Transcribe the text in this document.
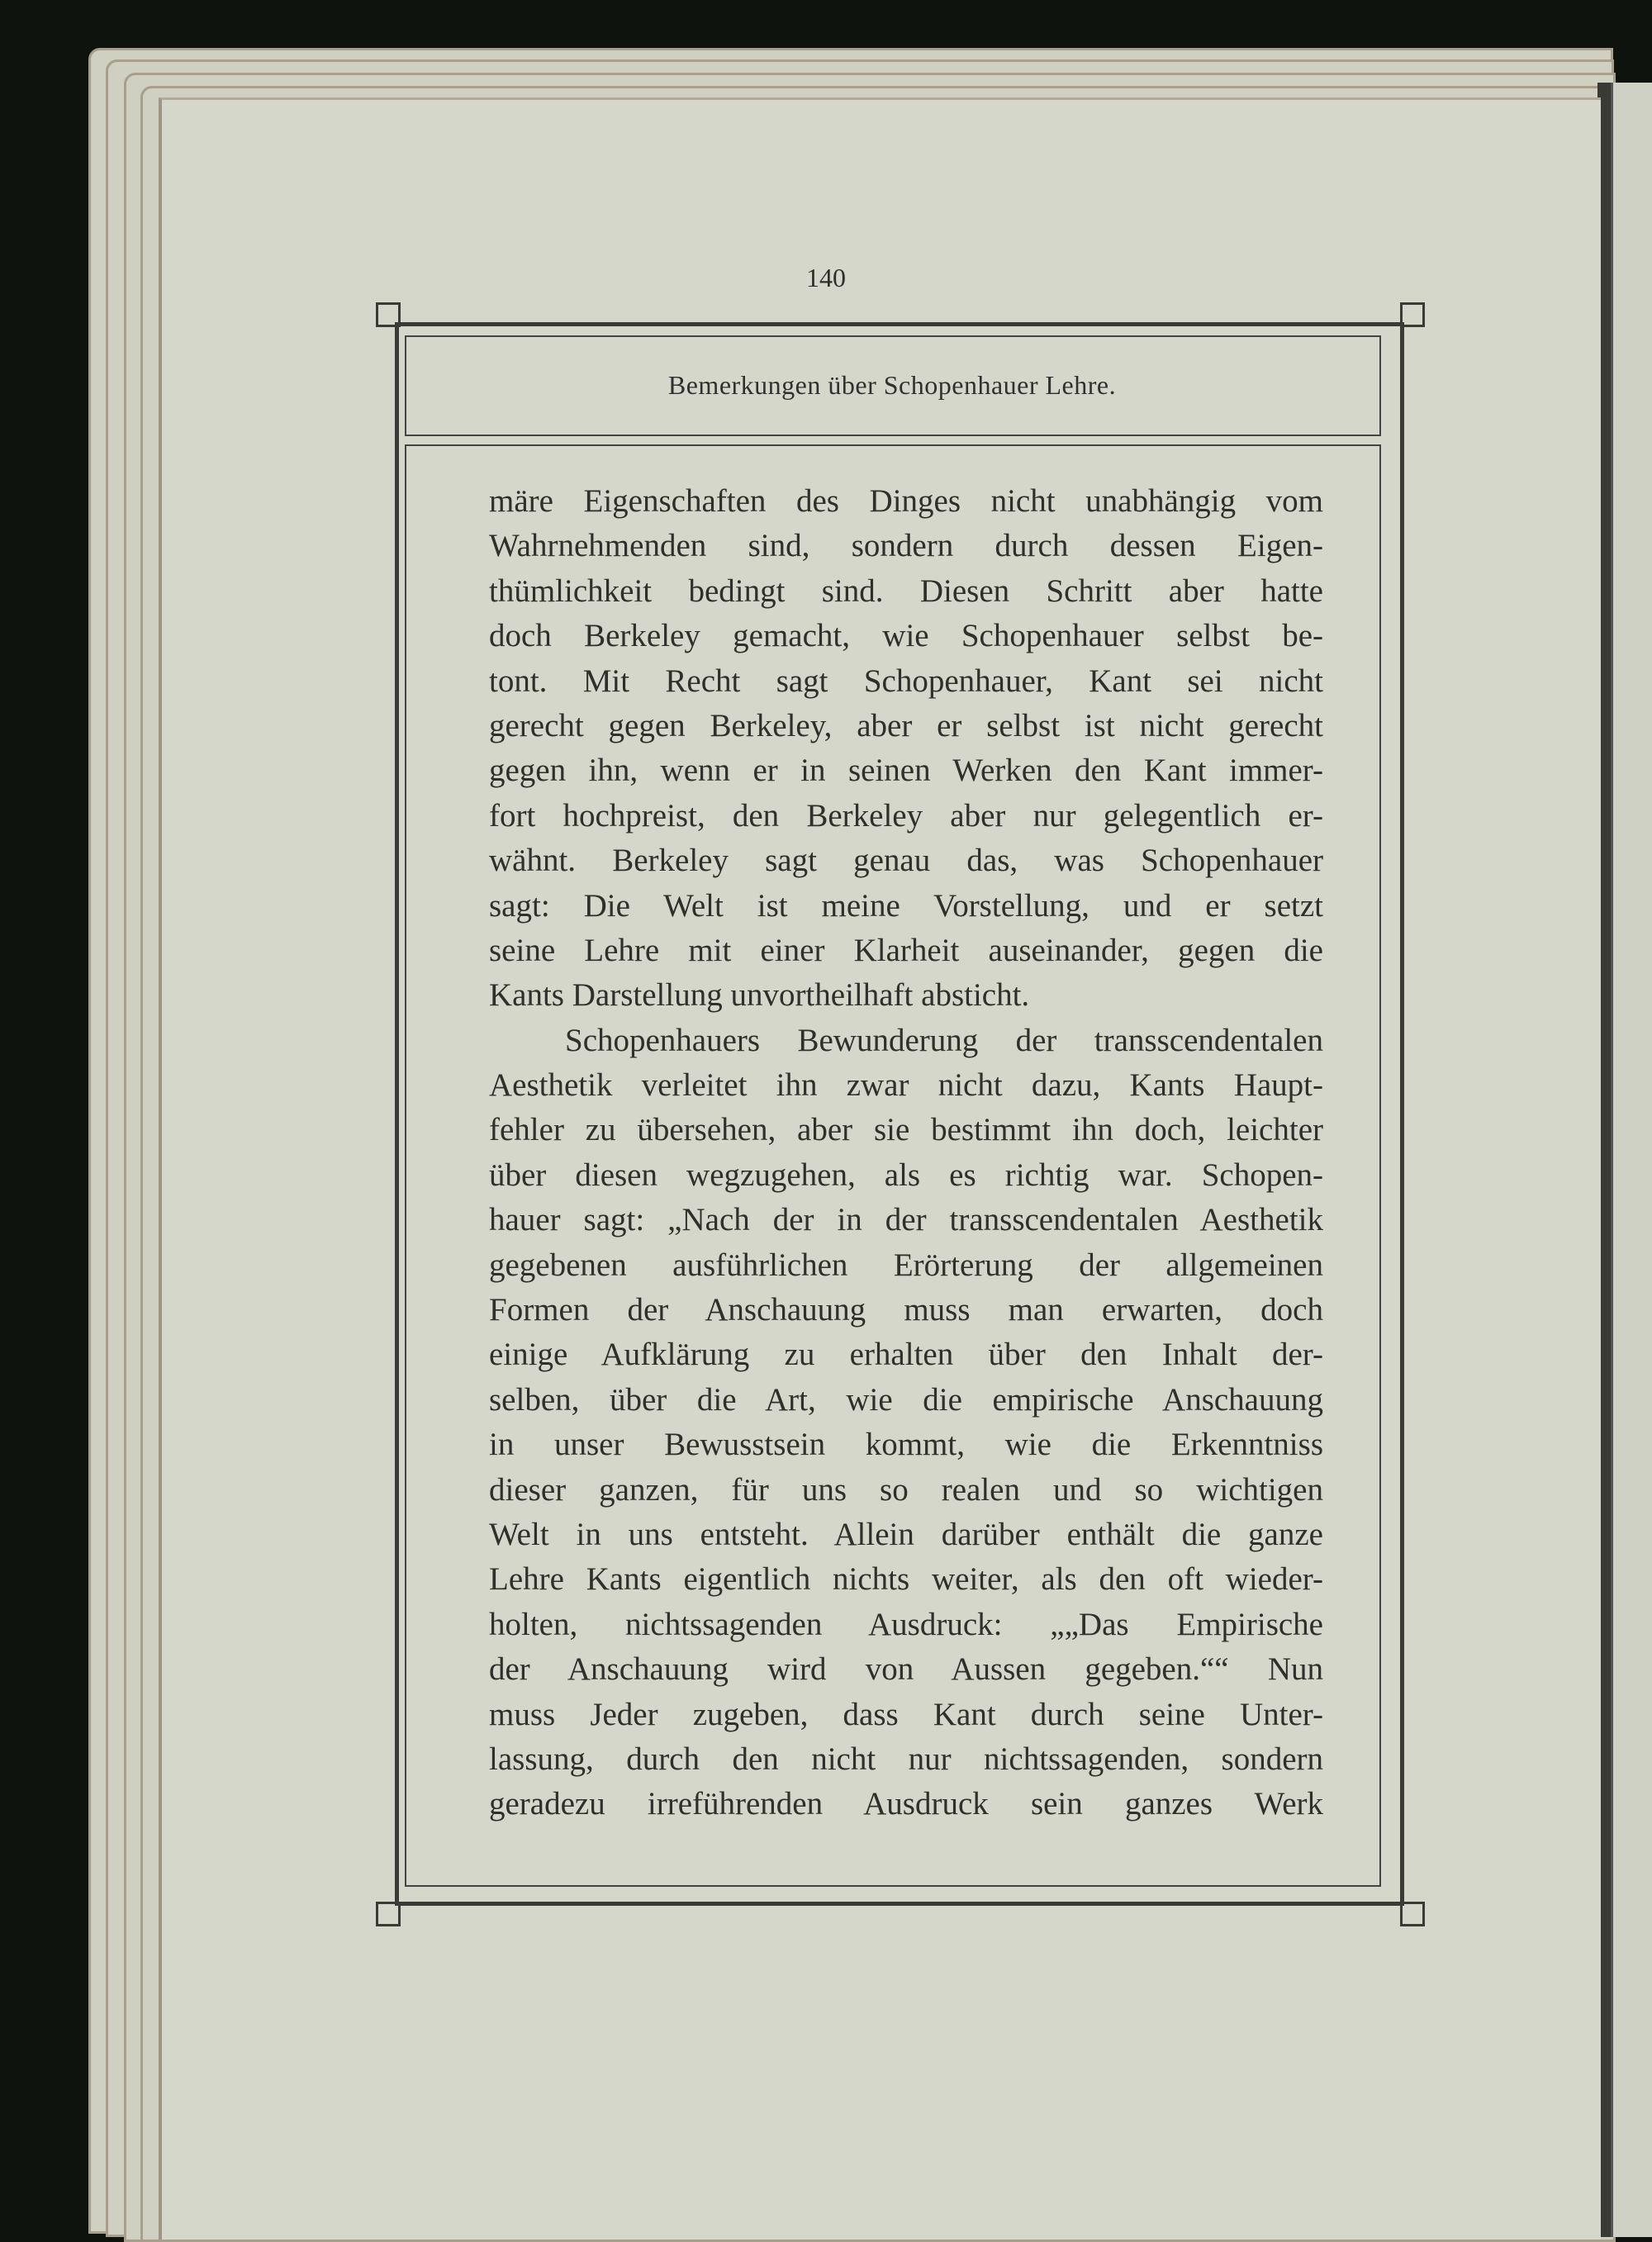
140
Bemerkungen über Schopenhauer Lehre.
märe Eigenschaften des Dinges nicht unabhängig vom
Wahrnehmenden sind, sondern durch dessen Eigen-
thümlichkeit bedingt sind. Diesen Schritt aber hatte
doch Berkeley gemacht, wie Schopenhauer selbst be-
tont. Mit Recht sagt Schopenhauer, Kant sei nicht
gerecht gegen Berkeley, aber er selbst ist nicht gerecht
gegen ihn, wenn er in seinen Werken den Kant immer-
fort hochpreist, den Berkeley aber nur gelegentlich er-
wähnt. Berkeley sagt genau das, was Schopenhauer
sagt: Die Welt ist meine Vorstellung, und er setzt
seine Lehre mit einer Klarheit auseinander, gegen die
Kants Darstellung unvortheilhaft absticht.
Schopenhauers Bewunderung der transscendentalen
Aesthetik verleitet ihn zwar nicht dazu, Kants Haupt-
fehler zu übersehen, aber sie bestimmt ihn doch, leichter
über diesen wegzugehen, als es richtig war. Schopen-
hauer sagt: „Nach der in der transscendentalen Aesthetik
gegebenen ausführlichen Erörterung der allgemeinen
Formen der Anschauung muss man erwarten, doch
einige Aufklärung zu erhalten über den Inhalt der-
selben, über die Art, wie die empirische Anschauung
in unser Bewusstsein kommt, wie die Erkenntniss
dieser ganzen, für uns so realen und so wichtigen
Welt in uns entsteht. Allein darüber enthält die ganze
Lehre Kants eigentlich nichts weiter, als den oft wieder-
holten, nichtssagenden Ausdruck: „„Das Empirische
der Anschauung wird von Aussen gegeben.““ Nun
muss Jeder zugeben, dass Kant durch seine Unter-
lassung, durch den nicht nur nichtssagenden, sondern
geradezu irreführenden Ausdruck sein ganzes Werk
